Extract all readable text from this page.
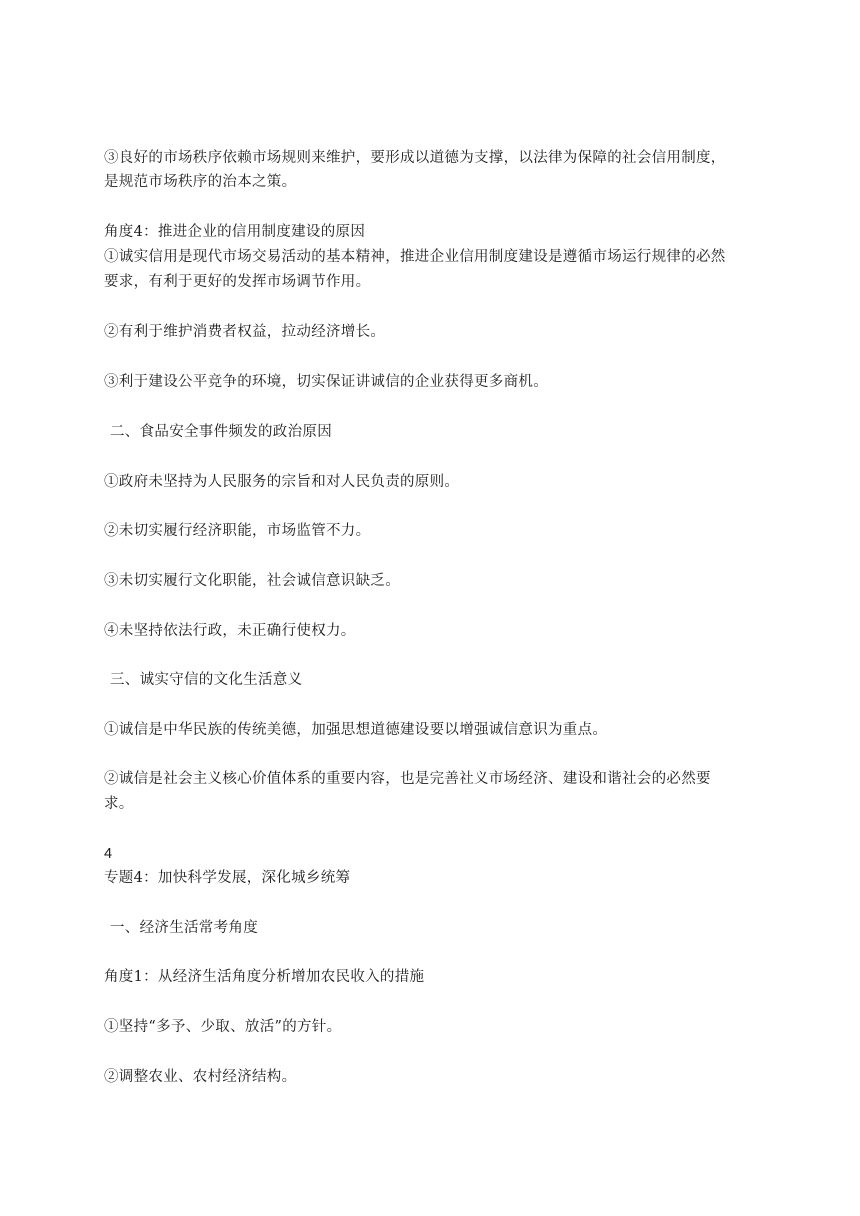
③良好的市场秩序依赖市场规则来维护，要形成以道德为支撑，以法律为保障的社会信用制度，
是规范市场秩序的治本之策。
角度4：推进企业的信用制度建设的原因
①诚实信用是现代市场交易活动的基本精神，推进企业信用制度建设是遵循市场运行规律的必然
要求，有利于更好的发挥市场调节作用。
②有利于维护消费者权益，拉动经济增长。
③利于建设公平竞争的环境，切实保证讲诚信的企业获得更多商机。
二、食品安全事件频发的政治原因
①政府未坚持为人民服务的宗旨和对人民负责的原则。
②未切实履行经济职能，市场监管不力。
③未切实履行文化职能，社会诚信意识缺乏。
④未坚持依法行政，未正确行使权力。
三、诚实守信的文化生活意义
①诚信是中华民族的传统美德，加强思想道德建设要以增强诚信意识为重点。
②诚信是社会主义核心价值体系的重要内容，也是完善社义市场经济、建设和谐社会的必然要
求。
4
专题4：加快科学发展，深化城乡统筹
一、经济生活常考角度
角度1：从经济生活角度分析增加农民收入的措施
①坚持“多予、少取、放活”的方针。
②调整农业、农村经济结构。
